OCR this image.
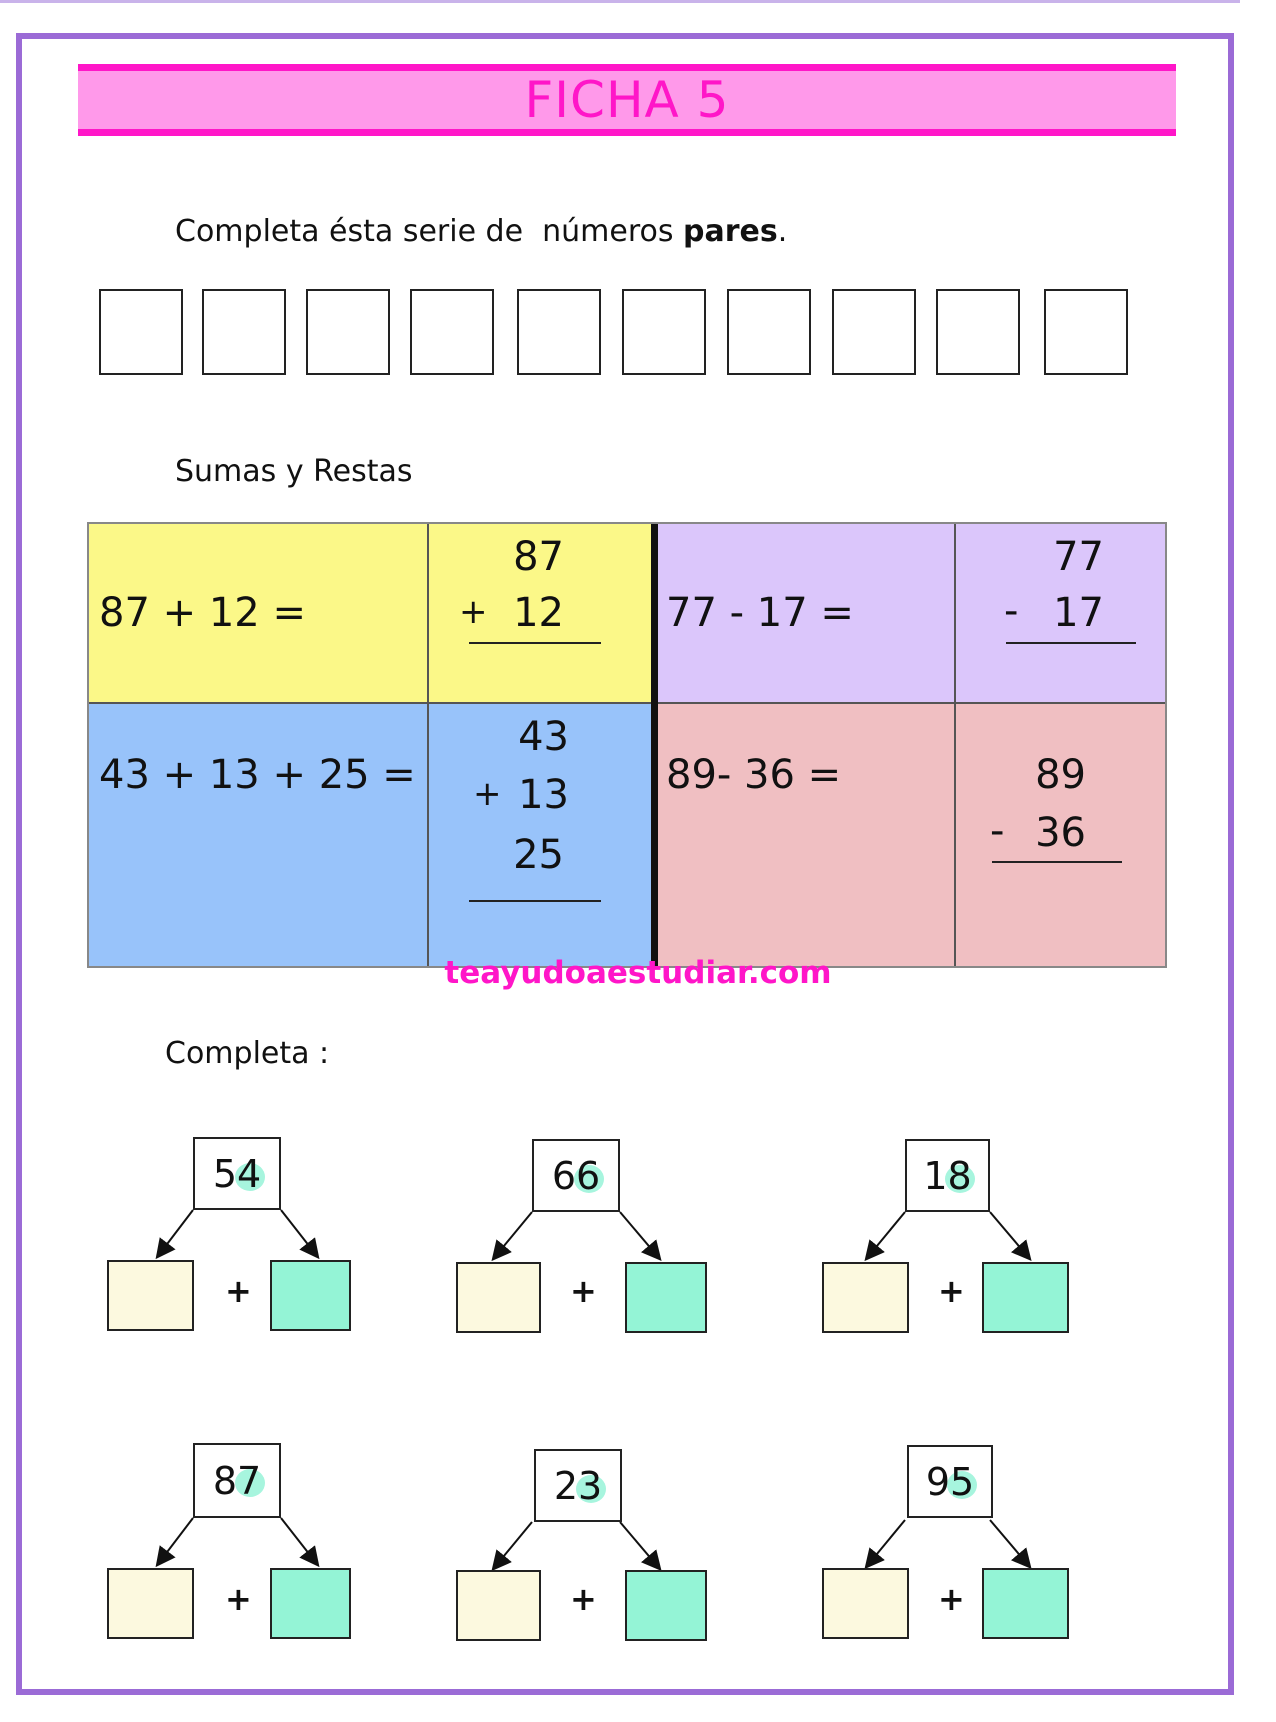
FICHA 5
Completa ésta serie de  números pares.
Sumas y Restas
87 + 12 =
87
+ 12	77 - 17 =
77
- 17
43 + 13 + 25 =
43
+ 13
25
89- 36 =	89
- 36
teayudoaestudiar.com
Completa :
54
+
66
+
18
+
87
+
23
+
95
+
